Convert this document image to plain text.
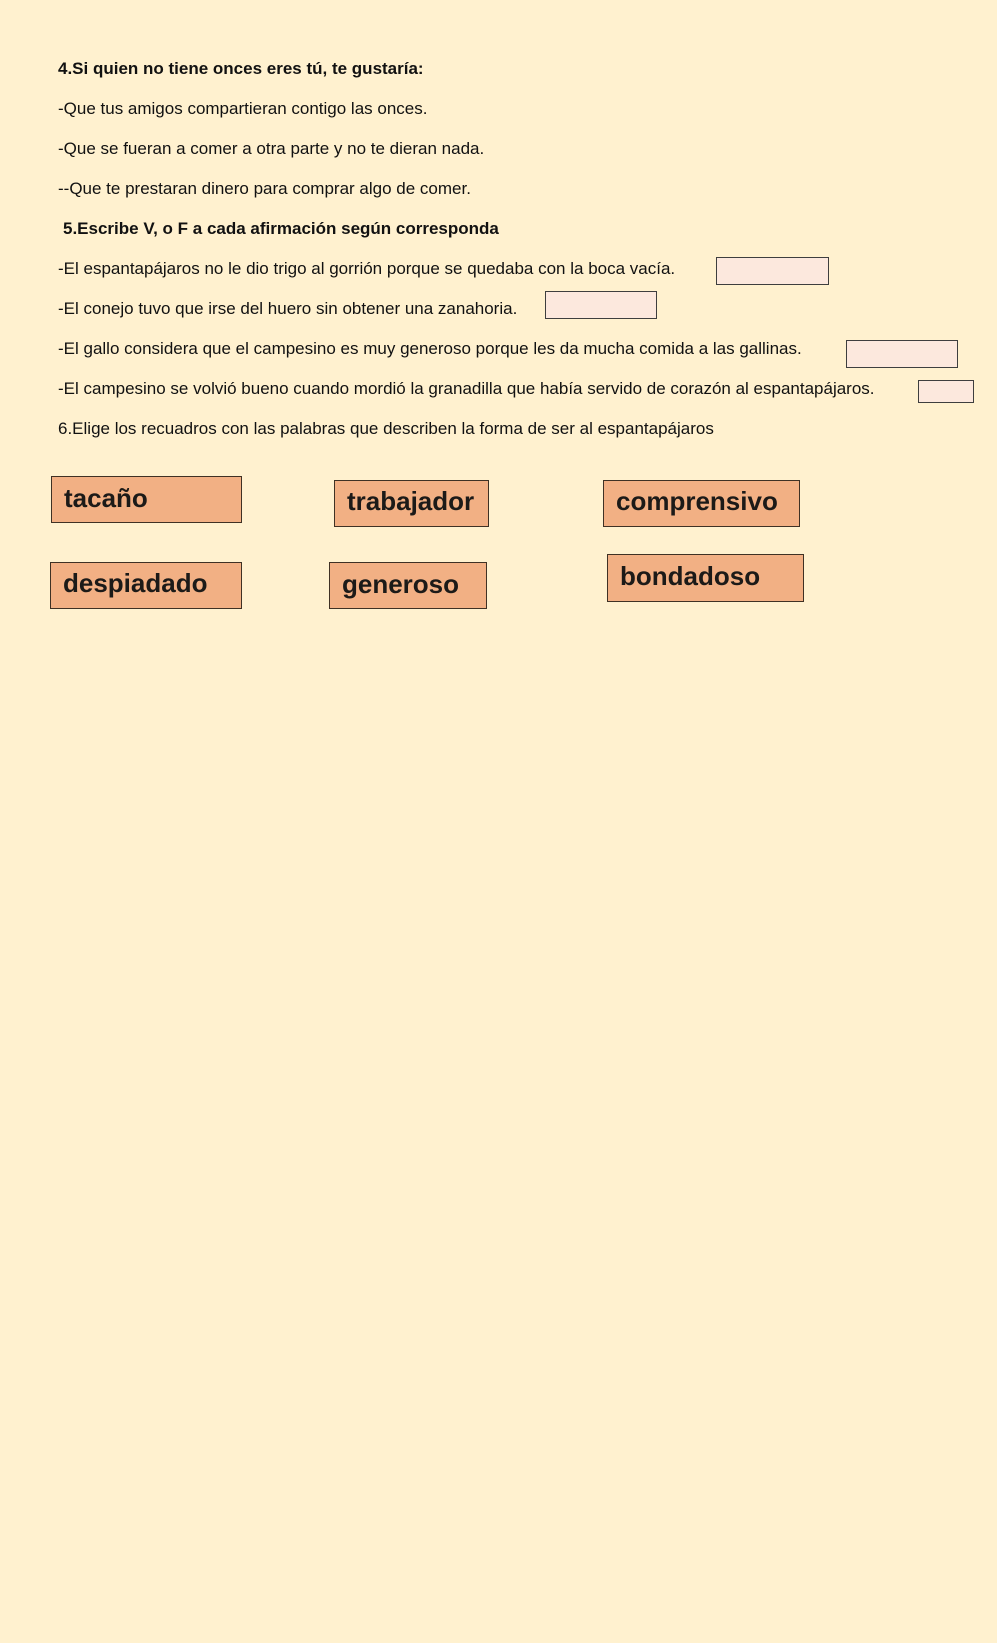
4.Si quien no tiene onces eres tú, te gustaría:
-Que tus amigos compartieran contigo las onces.
-Que se fueran a comer a otra parte y no te dieran nada.
--Que te prestaran dinero para comprar algo de comer.
5.Escribe V, o F a cada afirmación según corresponda
-El espantapájaros no le dio trigo al gorrión porque se quedaba con la boca vacía.
-El conejo tuvo que irse del huero sin obtener una zanahoria.
-El gallo considera que el campesino es muy generoso porque les da mucha comida a las gallinas.
-El campesino se volvió bueno cuando mordió la granadilla que había servido de corazón al espantapájaros.
6.Elige los recuadros con las palabras que describen la forma de ser al espantapájaros
tacaño	trabajador	comprensivo
despiadado	generoso	bondadoso
